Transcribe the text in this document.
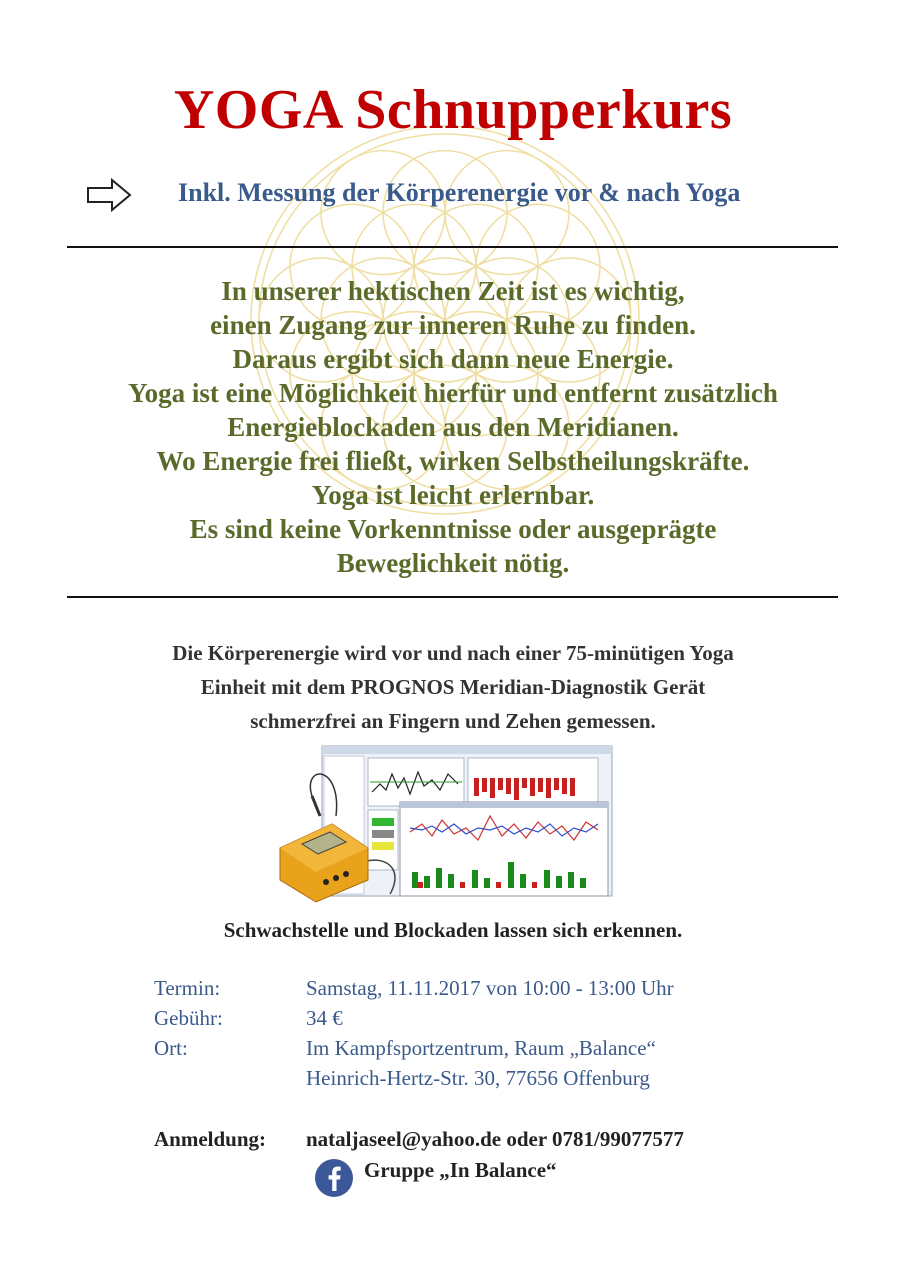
YOGA Schnupperkurs
Inkl. Messung der Körperenergie vor & nach Yoga
In unserer hektischen Zeit ist es wichtig,
einen Zugang zur inneren Ruhe zu finden.
Daraus ergibt sich dann neue Energie.
Yoga ist eine Möglichkeit hierfür und entfernt zusätzlich
Energieblockaden aus den Meridianen.
Wo Energie frei fließt, wirken Selbstheilungskräfte.
Yoga ist leicht erlernbar.
Es sind keine Vorkenntnisse oder ausgeprägte
Beweglichkeit nötig.
Die Körperenergie wird vor und nach einer 75-minütigen Yoga
Einheit mit dem PROGNOS Meridian-Diagnostik Gerät
schmerzfrei an Fingern und Zehen gemessen.
Schwachstelle und Blockaden lassen sich erkennen.
Termin:	Samstag, 11.11.2017 von 10:00 - 13:00 Uhr
Gebühr:	34 €
Ort:	Im Kampfsportzentrum, Raum „Balance“
Heinrich-Hertz-Str. 30, 77656 Offenburg
Anmeldung: nataljaseel@yahoo.de oder 0781/99077577
Gruppe „In Balance“
